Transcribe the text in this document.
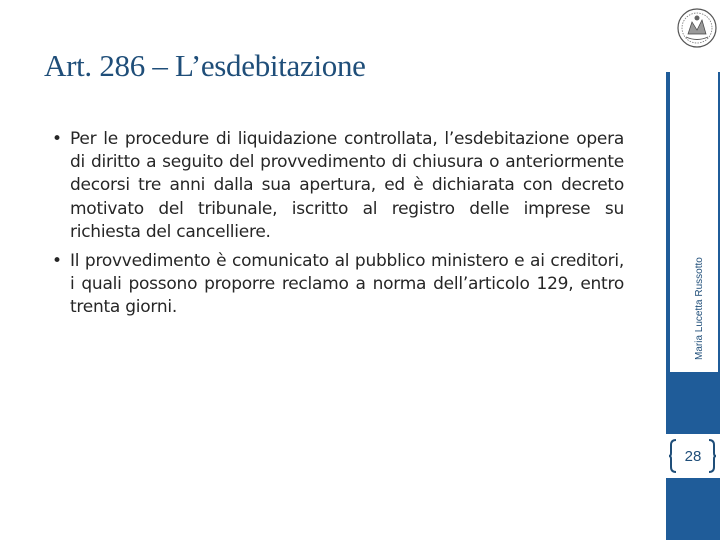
Art. 286 – L’esdebitazione
• Per le procedure di liquidazione controllata, l’esdebitazione opera di diritto a seguito del provvedimento di chiusura o anteriormente decorsi tre anni dalla sua apertura, ed è dichiarata con decreto motivato del tribunale, iscritto al registro delle imprese su richiesta del cancelliere.
• Il provvedimento è comunicato al pubblico ministero e ai creditori, i quali possono proporre reclamo a norma dell’articolo 129, entro trenta giorni.	Maria Lucetta Russotto
28
